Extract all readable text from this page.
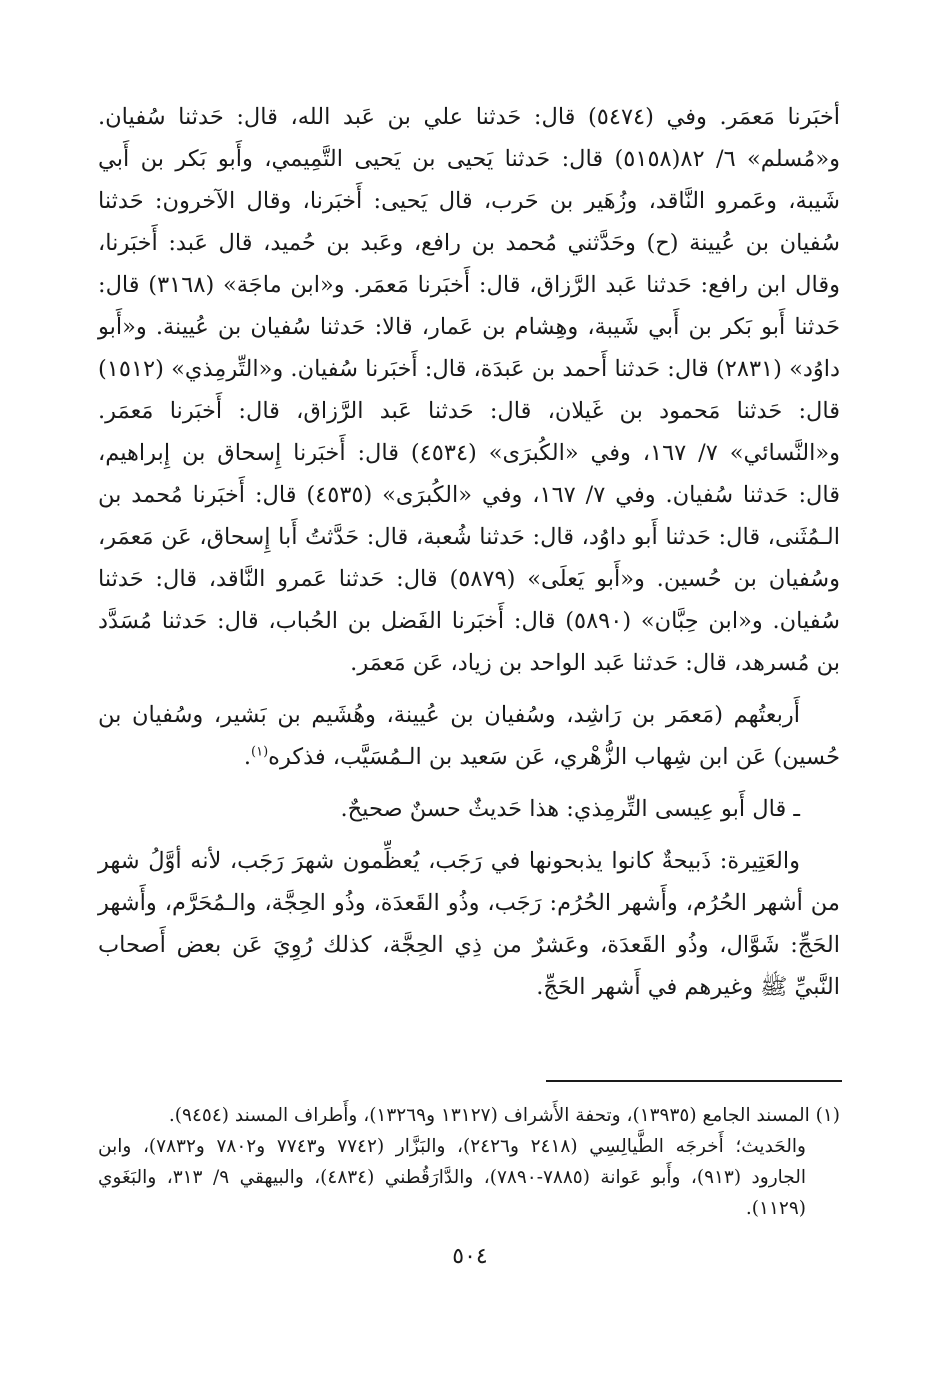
أخبَرنا مَعمَر. وفي (٥٤٧٤) قال: حَدثنا علي بن عَبد الله، قال: حَدثنا سُفيان. و«مُسلم» ٦/ ٨٢(٥١٥٨) قال: حَدثنا يَحيى بن يَحيى التَّمِيمي، وأَبو بَكر بن أَبي شَيبة، وعَمرو النَّاقد، وزُهَير بن حَرب، قال يَحيى: أَخبَرنا، وقال الآخرون: حَدثنا سُفيان بن عُيينة (ح) وحَدَّثني مُحمد بن رافع، وعَبد بن حُميد، قال عَبد: أَخبَرنا، وقال ابن رافع: حَدثنا عَبد الرَّزاق، قال: أَخبَرنا مَعمَر. و«ابن ماجَة» (٣١٦٨) قال: حَدثنا أَبو بَكر بن أَبي شَيبة، وهِشام بن عَمار، قالا: حَدثنا سُفيان بن عُيينة. و«أَبو داوُد» (٢٨٣١) قال: حَدثنا أَحمد بن عَبدَة، قال: أَخبَرنا سُفيان. و«التِّرمِذي» (١٥١٢) قال: حَدثنا مَحمود بن غَيلان، قال: حَدثنا عَبد الرَّزاق، قال: أَخبَرنا مَعمَر. و«النَّسائي» ٧/ ١٦٧، وفي «الكُبرَى» (٤٥٣٤) قال: أَخبَرنا إِسحاق بن إِبراهيم، قال: حَدثنا سُفيان. وفي ٧/ ١٦٧، وفي «الكُبرَى» (٤٥٣٥) قال: أَخبَرنا مُحمد بن الـمُثَنى، قال: حَدثنا أَبو داوُد، قال: حَدثنا شُعبة، قال: حَدَّثتُ أَبا إِسحاق، عَن مَعمَر، وسُفيان بن حُسين. و«أَبو يَعلَى» (٥٨٧٩) قال: حَدثنا عَمرو النَّاقد، قال: حَدثنا سُفيان. و«ابن حِبَّان» (٥٨٩٠) قال: أَخبَرنا الفَضل بن الحُباب، قال: حَدثنا مُسَدَّد بن مُسرهد، قال: حَدثنا عَبد الواحد بن زياد، عَن مَعمَر.

أَربعتُهم (مَعمَر بن رَاشِد، وسُفيان بن عُيينة، وهُشَيم بن بَشير، وسُفيان بن حُسين) عَن ابن شِهاب الزُّهْري، عَن سَعيد بن الـمُسَيَّب، فذكره$^{(١)}$.

ـ قال أَبو عِيسى التِّرمِذي: هذا حَديثٌ حسنٌ صحيحٌ.

والعَتِيرة: ذَبيحةٌ كانوا يذبحونها في رَجَب، يُعظِّمون شهرَ رَجَب، لأنه أوَّلُ شهر من أشهر الحُرُم، وأَشهر الحُرُم: رَجَب، وذُو القَعدَة، وذُو الحِجَّة، والـمُحَرَّم، وأَشهر الحَجِّ: شَوَّال، وذُو القَعدَة، وعَشرٌ من ذِي الحِجَّة، كذلك رُوِيَ عَن بعض أَصحاب النَّبيِّ ﷺ وغيرهم في أَشهر الحَجِّ.

(١) المسند الجامع (١٣٩٣٥)، وتحفة الأَشراف (١٣١٢٧ و١٣٢٦٩)، وأَطراف المسند (٩٤٥٤).

والحَديث؛ أَخرجَه الطَّيالِسِي (٢٤١٨ و٢٤٢٦)، والبَزَّار (٧٧٤٢ و٧٧٤٣ و٧٨٠٢ و٧٨٣٢)، وابن الجارود (٩١٣)، وأَبو عَوانة (٧٨٨٥-٧٨٩٠)، والدَّارَقُطني (٤٨٣٤)، والبيهقي ٩/ ٣١٣، والبَغَوي (١١٢٩).

٥٠٤
